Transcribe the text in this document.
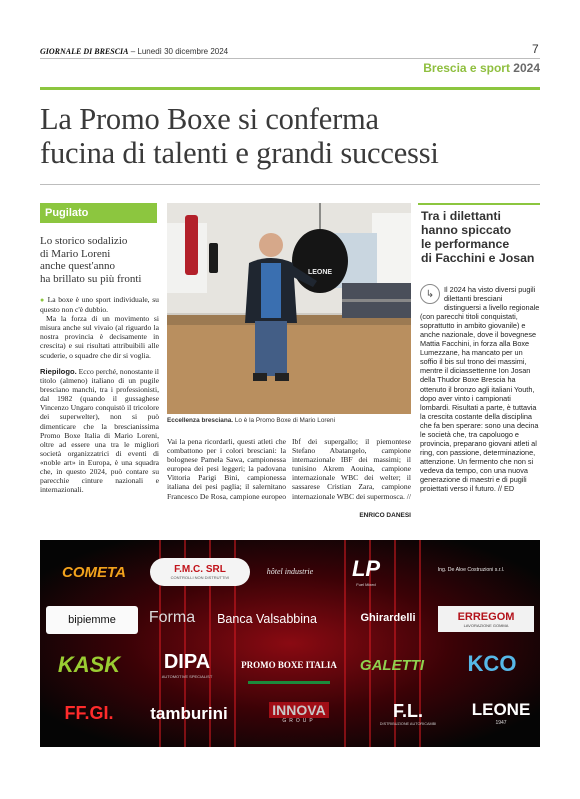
GIORNALE DI BRESCIA – Lunedì 30 dicembre 2024	7
Brescia e sport 2024
La Promo Boxe si conferma
fucina di talenti e grandi successi
Pugilato
Lo storico sodalizio
di Mario Loreni
anche quest'anno
ha brillato su più fronti

● La boxe è uno sport individuale, su questo non c'è dubbio.

Ma la forza di un movimento si misura anche sul vivaio (al riguardo la nostra provincia è decisamente in crescita) e sui risultati attribuibili alle scuderie, o squadre che dir si voglia.

Riepilogo. Ecco perché, nonostante il titolo (almeno) italiano di un pugile bresciano manchi, tra i professionisti, dal 1982 (quando il gussaghese Vincenzo Ungaro conquistò il tricolore dei superwelter), non si può dimenticare che la brescianissima Promo Boxe Italia di Mario Loreni, oltre ad essere una tra le migliori società organizzatrici di eventi di «noble art» in Europa, è una squadra che, in questo 2024, può contare su parecchie cinture nazionali e internazionali.

LEONE
Eccellenza bresciana. Lo è la Promo Boxe di Mario Loreni

Vai la pena ricordarli, questi atleti che combattono per i colori bresciani: la bolognese Pamela Sawa, campionessa europea dei pesi leggeri; la padovana Vittoria Parigi Bini, campionessa italiana dei pesi paglia; il salernitano Francesco De Rosa, campione europeo Ibf dei supergallo; il piemontese Stefano Abatangelo, campione internazionale IBF dei massimi; il tunisino Akrem Aouina, campione internazionale WBC dei welter; il sassarese Cristian Zara, campione internazionale WBC dei supermosca. //

ENRICO DANESI
Tra i dilettanti
hanno spiccato
le performance
di Facchini e Josan
Il 2024 ha visto diversi pugili dilettanti bresciani distinguersi a livello regionale (con parecchi titoli conquistati, soprattutto in ambito giovanile) e anche nazionale, dove il bovegnese Mattia Facchini, in forza alla Boxe Lumezzane, ha mancato per un soffio il bis sul trono dei massimi, mentre il diciassettenne Ion Josan della Thudor Boxe Brescia ha ottenuto il bronzo agli italiani Youth, dopo aver vinto i campionati lombardi. Risultati a parte, è tuttavia la crescita costante della disciplina che fa ben sperare: sono una decina le società che, tra capoluogo e provincia, preparano giovani atleti al ring, con passione, determinazione, attenzione. Un fermento che non si vedeva da tempo, con una nuova generazione di maestri e di pugili proiettati verso il futuro. // ED
↳
COMETA	F.M.C. SRL
CONTROLLI NON DISTRUTTIVI
hôtel industrie LP
Fuel Mixed
Ing. De Aloe Costruzioni s.r.l.
bipiemme Forma Banca Valsabbina	Ghirardelli	ERREGOM
LAVORAZIONE GOMMA
KASK DIPA
AUTOMOTIVE SPECIALIST
PROMO BOXE ITALIA GALETTI KCO
FF.GI. tamburini	INNOVA
GROUP
F.L.
DISTRIBUZIONE AUTORICAMBI
LEONE
1947
